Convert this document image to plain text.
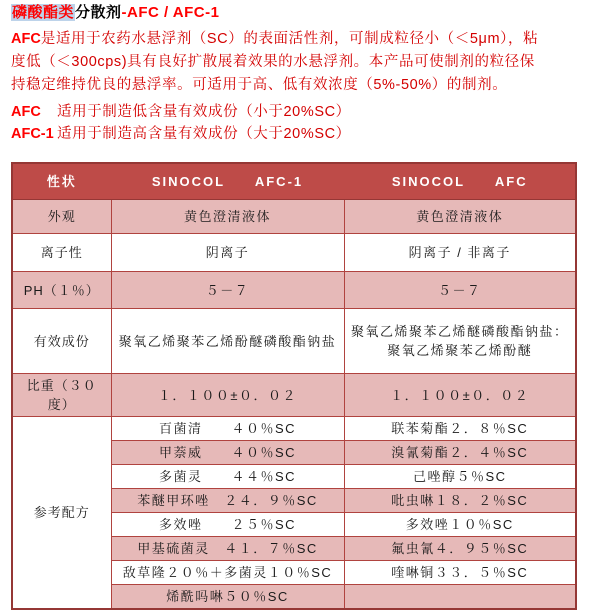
磷酸酯类分散剂-AFC / AFC-1
AFC是适用于农药水悬浮剂（SC）的表面活性剂，可制成粒径小（＜5μm），粘
度低（＜300cps)具有良好扩散展着效果的水悬浮剂。本产品可使制剂的粒径保
持稳定维持优良的悬浮率。可适用于高、低有效浓度（5%-50%）的制剂。
AFC 适用于制造低含量有效成份（小于20%SC）
AFC-1 适用于制造高含量有效成份（大于20%SC）
性状	SINOCOL　　AFC-1	SINOCOL　　AFC
外观	黄色澄清液体	黄色澄清液体
离子性	阴离子	阴离子 / 非离子
PH（１％）	５－７	５－７
有效成份	聚氧乙烯聚苯乙烯酚醚磷酸酯钠盐	聚氧乙烯聚苯乙烯醚磷酸酯钠盐：聚氧乙烯聚苯乙烯酚醚
比重（３０度）	１．１００±０．０２	１．１００±０．０２
参考配方	百菌清　　４０％SC	联苯菊酯２．８％SC
	甲萘威　　４０％SC	溴氰菊酯２．４％SC
	多菌灵　　４４％SC	己唑醇５％SC
	苯醚甲环唑　２４．９％SC	吡虫啉１８．２％SC
	多效唑　　２５％SC	多效唑１０％SC
	甲基硫菌灵　４１．７％SC	氟虫氰４．９５％SC
	敌草隆２０％＋多菌灵１０％SC	喹啉铜３３．５％SC
	烯酰吗啉５０％SC	
